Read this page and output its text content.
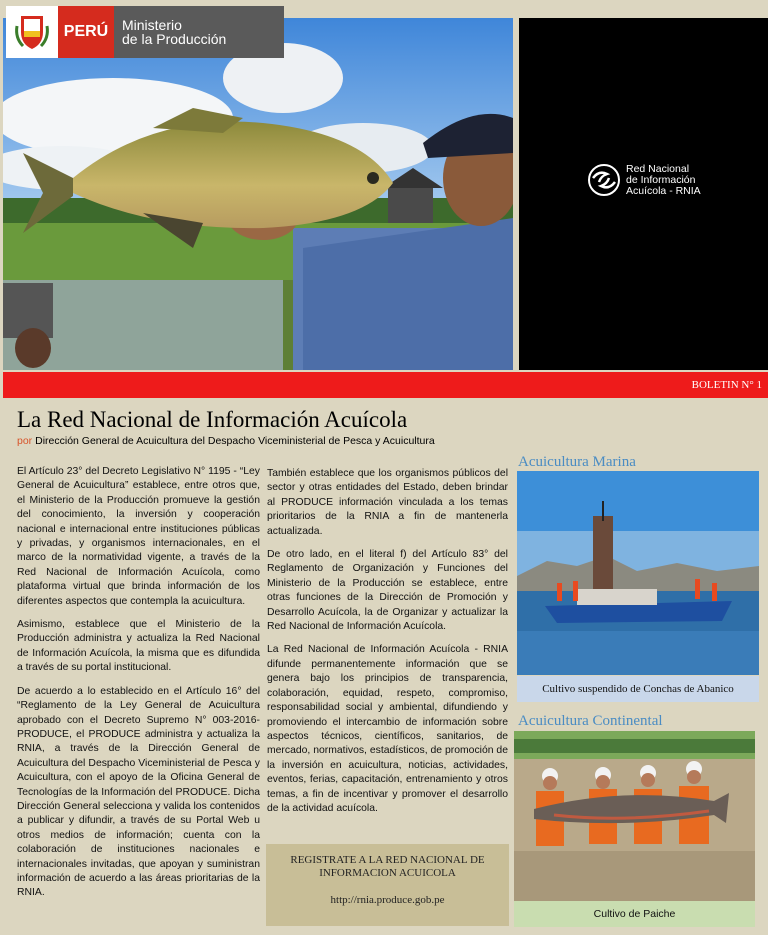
PERÚ Ministerio
de la Producción
Red Nacional
de Información
Acuícola - RNIA
BOLETIN N° 1
La Red Nacional de Información Acuícola
por Dirección General de Acuicultura del Despacho Viceministerial de Pesca y Acuicultura

El Artículo 23° del Decreto Legislativo N° 1195 - “Ley General de Acuicultura” establece, entre otros que, el Ministerio de la Producción promueve la gestión del conocimiento, la inversión y cooperación nacional e internacional entre instituciones públicas y privadas, y organismos internacionales, en el marco de la normatividad vigente, a través de la Red Nacional de Información Acuícola, como plataforma virtual que brinda información de los diferentes aspectos que contempla la acuicultura.

Asimismo, establece que el Ministerio de la Producción administra y actualiza la Red Nacional de Información Acuícola, la misma que es difundida a través de su portal institucional.

De acuerdo a lo establecido en el Artículo 16° del “Reglamento de la Ley General de Acuicultura aprobado con el Decreto Supremo N° 003-2016-PRODUCE, el PRODUCE administra y actualiza la RNIA, a través de la Dirección General de Acuicultura del Despacho Viceministerial de Pesca y Acuicultura, con el apoyo de la Oficina General de Tecnologías de la Información del PRODUCE. Dicha Dirección General selecciona y valida los contenidos a publicar y difundir, a través de su Portal Web u otros medios de información; cuenta con la colaboración de instituciones nacionales e internacionales invitadas, que apoyan y suministran información de acuerdo a las áreas prioritarias de la RNIA.

También establece que los organismos públicos del sector y otras entidades del Estado, deben brindar al PRODUCE información vinculada a los temas prioritarios de la RNIA a fin de mantenerla actualizada.

De otro lado, en el literal f) del Artículo 83° del Reglamento de Organización y Funciones del Ministerio de la Producción se establece, entre otras funciones de la Dirección de Promoción y Desarrollo Acuícola, la de Organizar y actualizar la Red Nacional de Información Acuícola.

La Red Nacional de Información Acuícola - RNIA difunde permanentemente información que se genera bajo los principios de transparencia, colaboración, equidad, respeto, compromiso, responsabilidad social y ambiental, difundiendo y promoviendo el intercambio de información sobre aspectos técnicos, científicos, sanitarios, de mercado, normativos, estadísticos, de promoción de la inversión en acuicultura, noticias, actividades, eventos, ferias, capacitación, entrenamiento y otros temas, a fin de incentivar y promover el desarrollo de la actividad acuícola.

REGISTRATE A LA RED NACIONAL DE
INFORMACION ACUICOLA
http://rnia.produce.gob.pe
Acuicultura Marina
Cultivo suspendido de Conchas de Abanico
Acuicultura Continental
Cultivo de Paiche
